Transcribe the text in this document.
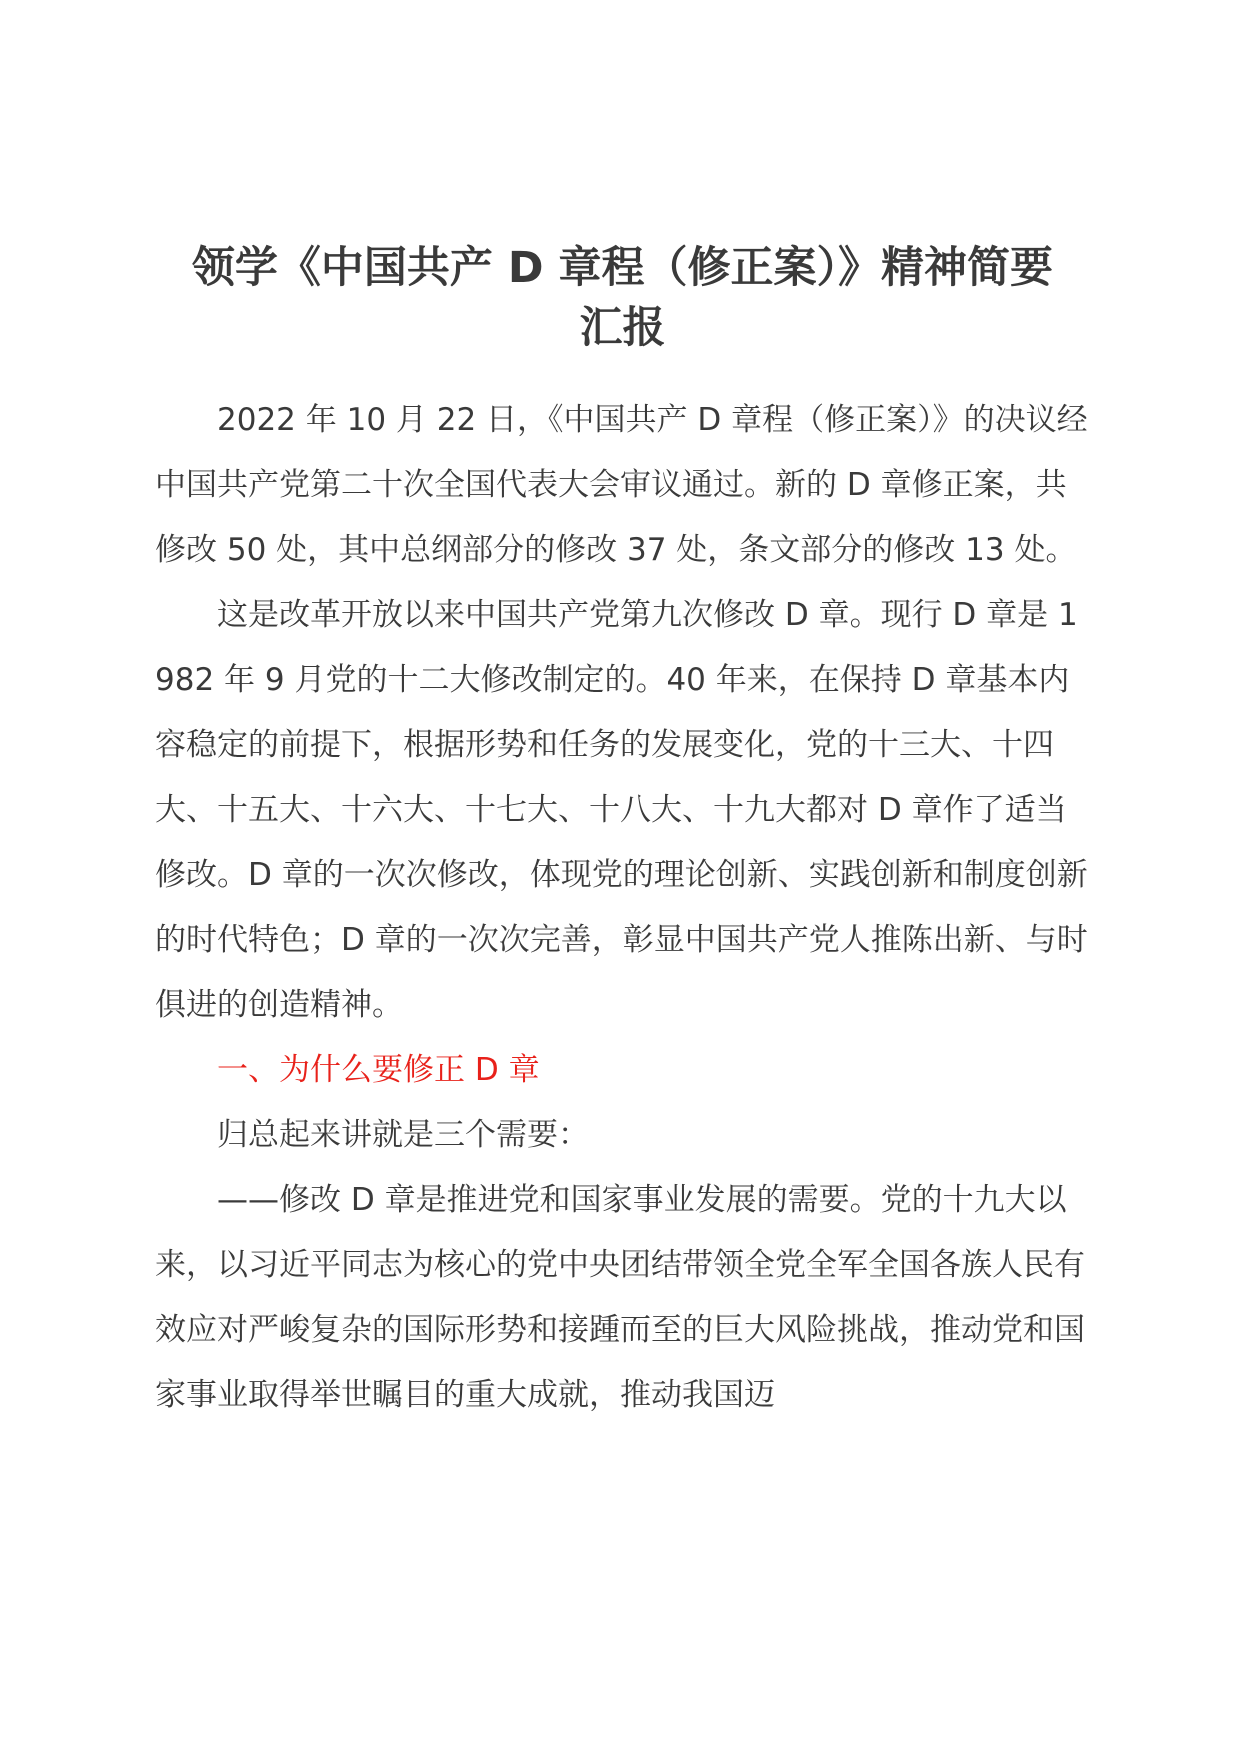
领学《中国共产 D 章程（修正案）》精神简要
汇报

2022 年 10 月 22 日，《中国共产 D 章程（修正案）》的决议经中国共产党第二十次全国代表大会审议通过。新的 D 章修正案，共修改 50 处，其中总纲部分的修改 37 处，条文部分的修改 13 处。

这是改革开放以来中国共产党第九次修改 D 章。现行 D 章是 1982 年 9 月党的十二大修改制定的。40 年来，在保持 D 章基本内容稳定的前提下，根据形势和任务的发展变化，党的十三大、十四大、十五大、十六大、十七大、十八大、十九大都对 D 章作了适当修改。D 章的一次次修改，体现党的理论创新、实践创新和制度创新的时代特色；D 章的一次次完善，彰显中国共产党人推陈出新、与时俱进的创造精神。

一、为什么要修正 D 章

归总起来讲就是三个需要：

——修改 D 章是推进党和国家事业发展的需要。党的十九大以来，以习近平同志为核心的党中央团结带领全党全军全国各族人民有效应对严峻复杂的国际形势和接踵而至的巨大风险挑战，推动党和国家事业取得举世瞩目的重大成就，推动我国迈
